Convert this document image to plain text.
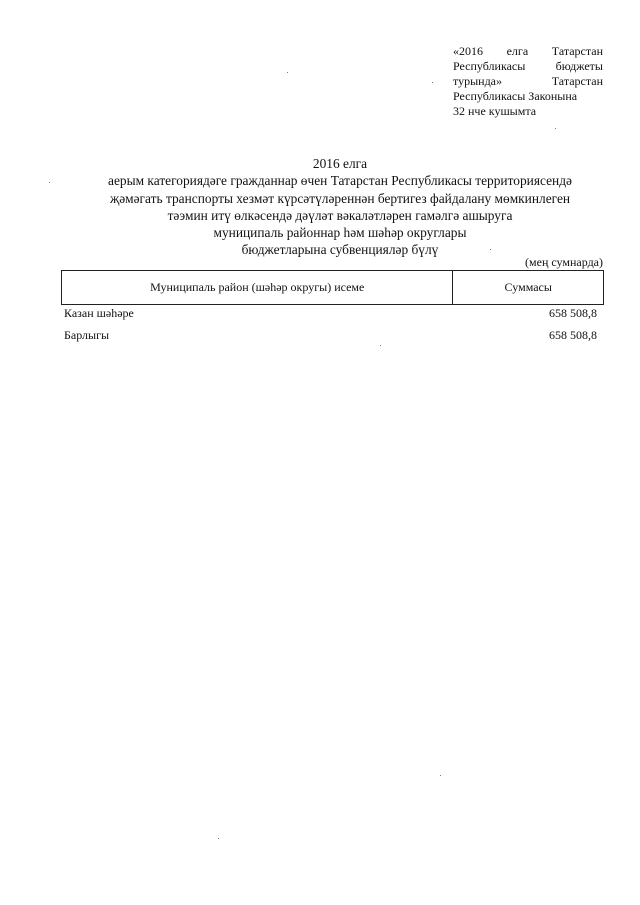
«2016 елга Татарстан
Республикасы	бюджеты
турында»	Татарстан
Республикасы Законына
32 нче кушымта
2016 елга
аерым категориядәге гражданнар өчен Татарстан Республикасы территориясендә
җәмәгать транспорты хезмәт күрсәтүләреннән бертигез файдалану мөмкинлеген
тәэмин итү өлкәсендә дәүләт вәкаләтләрен гамәлгә ашыруга
муниципаль районнар һәм шәһәр округлары
бюджетларына субвенцияләр бүлү
(мең сумнарда)
Муниципаль район (шәһәр округы) исеме	Суммасы
Казан шәһәре	658 508,8
Барлыгы	658 508,8
